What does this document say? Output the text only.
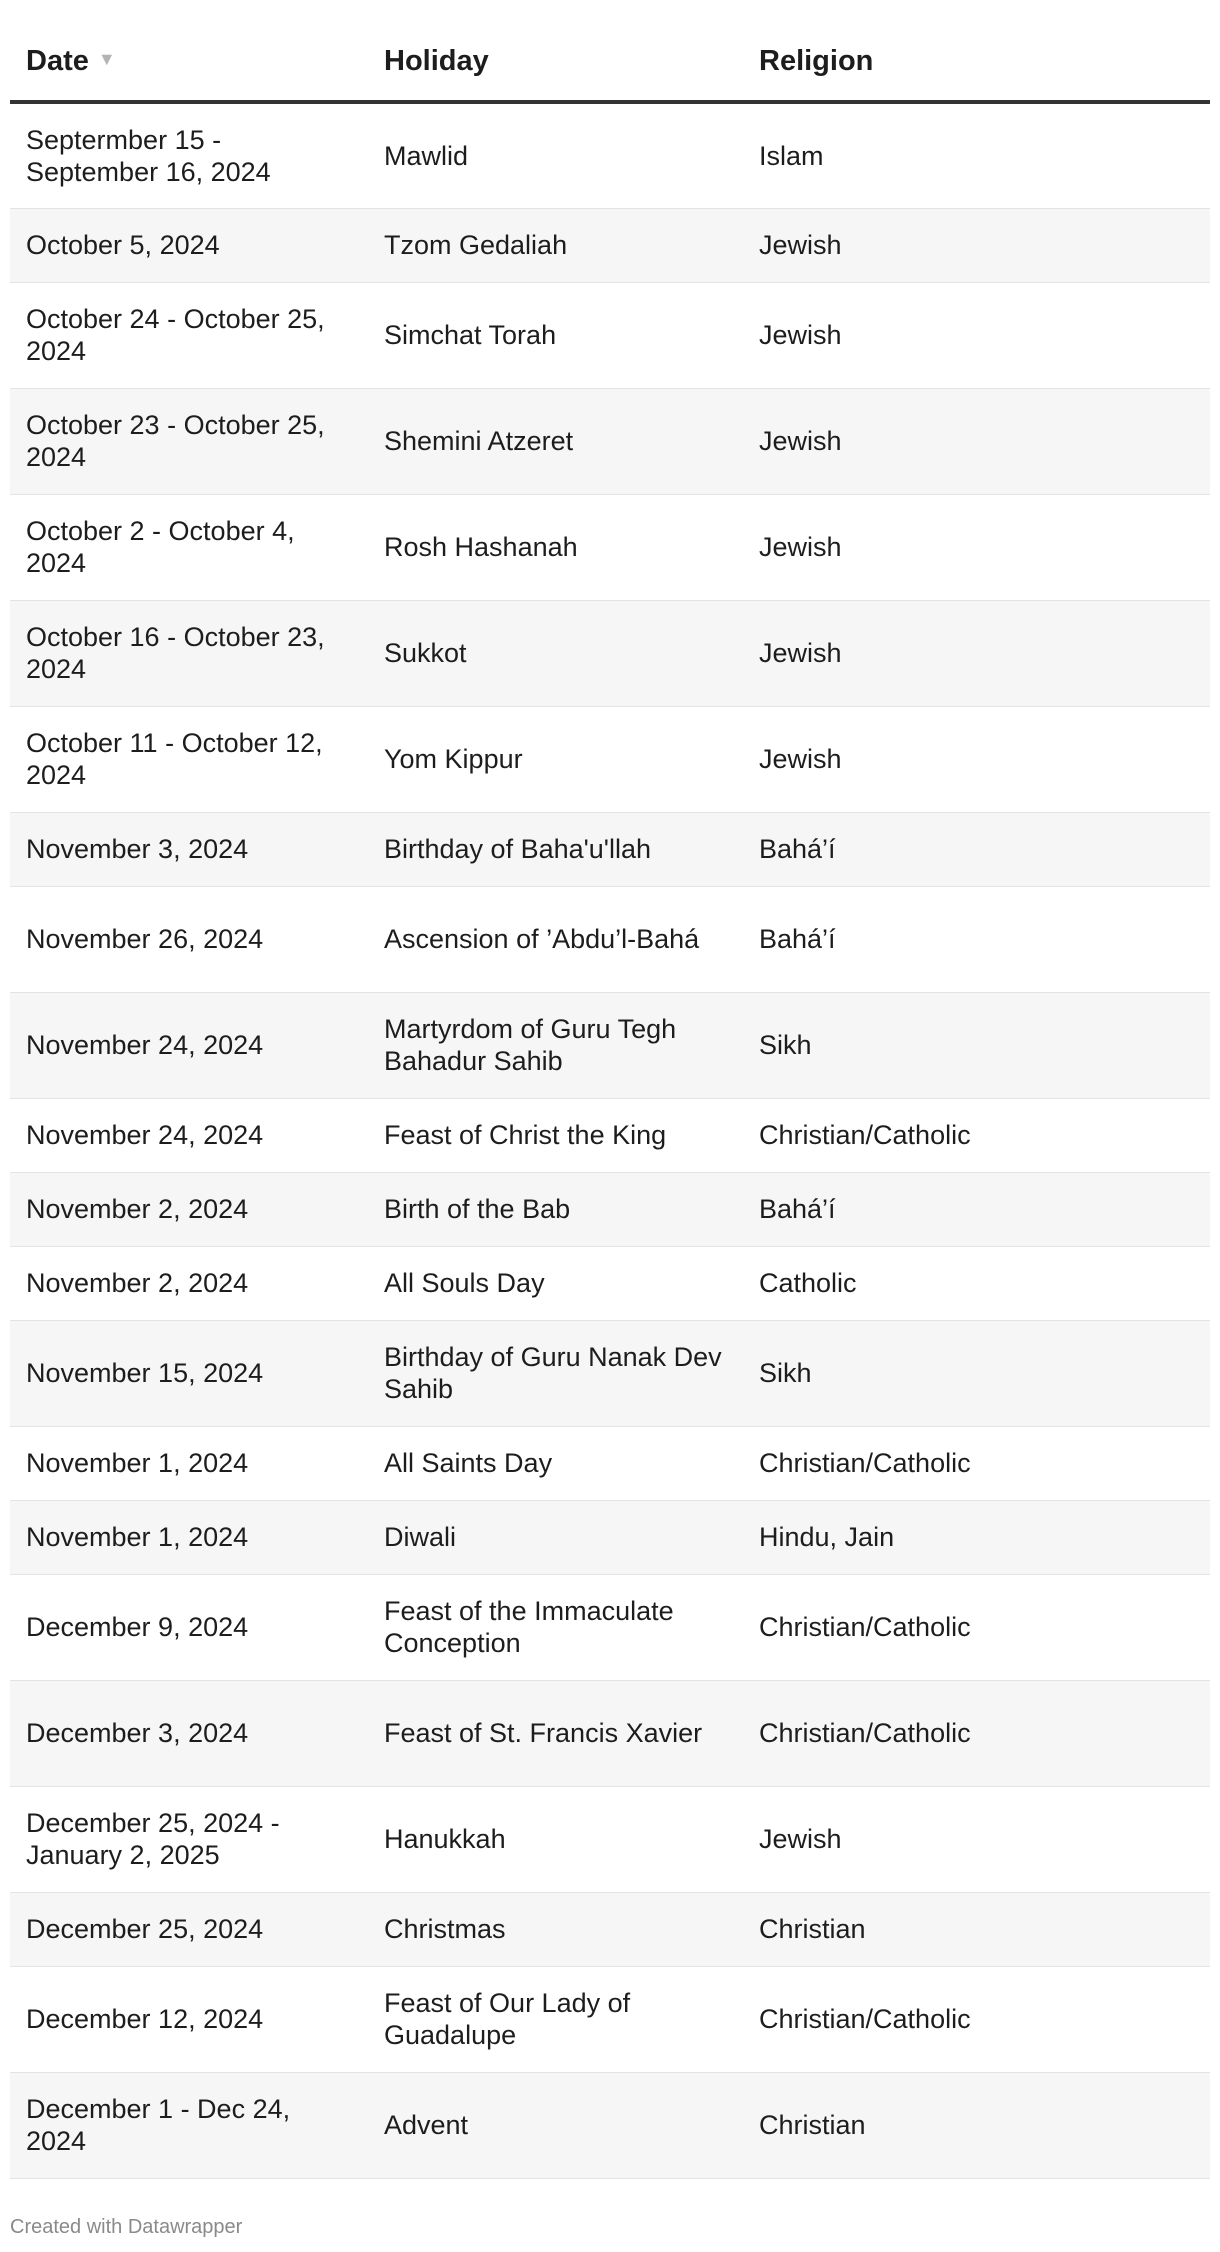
Date ▼	Holiday	Religion
Septermber 15 - September 16, 2024	Mawlid	Islam
October 5, 2024	Tzom Gedaliah	Jewish
October 24 - October 25, 2024	Simchat Torah	Jewish
October 23 - October 25, 2024	Shemini Atzeret	Jewish
October 2 - October 4, 2024	Rosh Hashanah	Jewish
October 16 - October 23, 2024	Sukkot	Jewish
October 11 - October 12, 2024	Yom Kippur	Jewish
November 3, 2024	Birthday of Baha'u'llah	Bahá’í
November 26, 2024	Ascension of ’Abdu’l-Bahá	Bahá’í
November 24, 2024	Martyrdom of Guru Tegh Bahadur Sahib	Sikh
November 24, 2024	Feast of Christ the King	Christian/Catholic
November 2, 2024	Birth of the Bab	Bahá’í
November 2, 2024	All Souls Day	Catholic
November 15, 2024	Birthday of Guru Nanak Dev Sahib	Sikh
November 1, 2024	All Saints Day	Christian/Catholic
November 1, 2024	Diwali	Hindu, Jain
December 9, 2024	Feast of the Immaculate Conception	Christian/Catholic
December 3, 2024	Feast of St. Francis Xavier	Christian/Catholic
December 25, 2024 - January 2, 2025	Hanukkah	Jewish
December 25, 2024	Christmas	Christian
December 12, 2024	Feast of Our Lady of Guadalupe	Christian/Catholic
December 1 - Dec 24, 2024	Advent	Christian
Created with Datawrapper
